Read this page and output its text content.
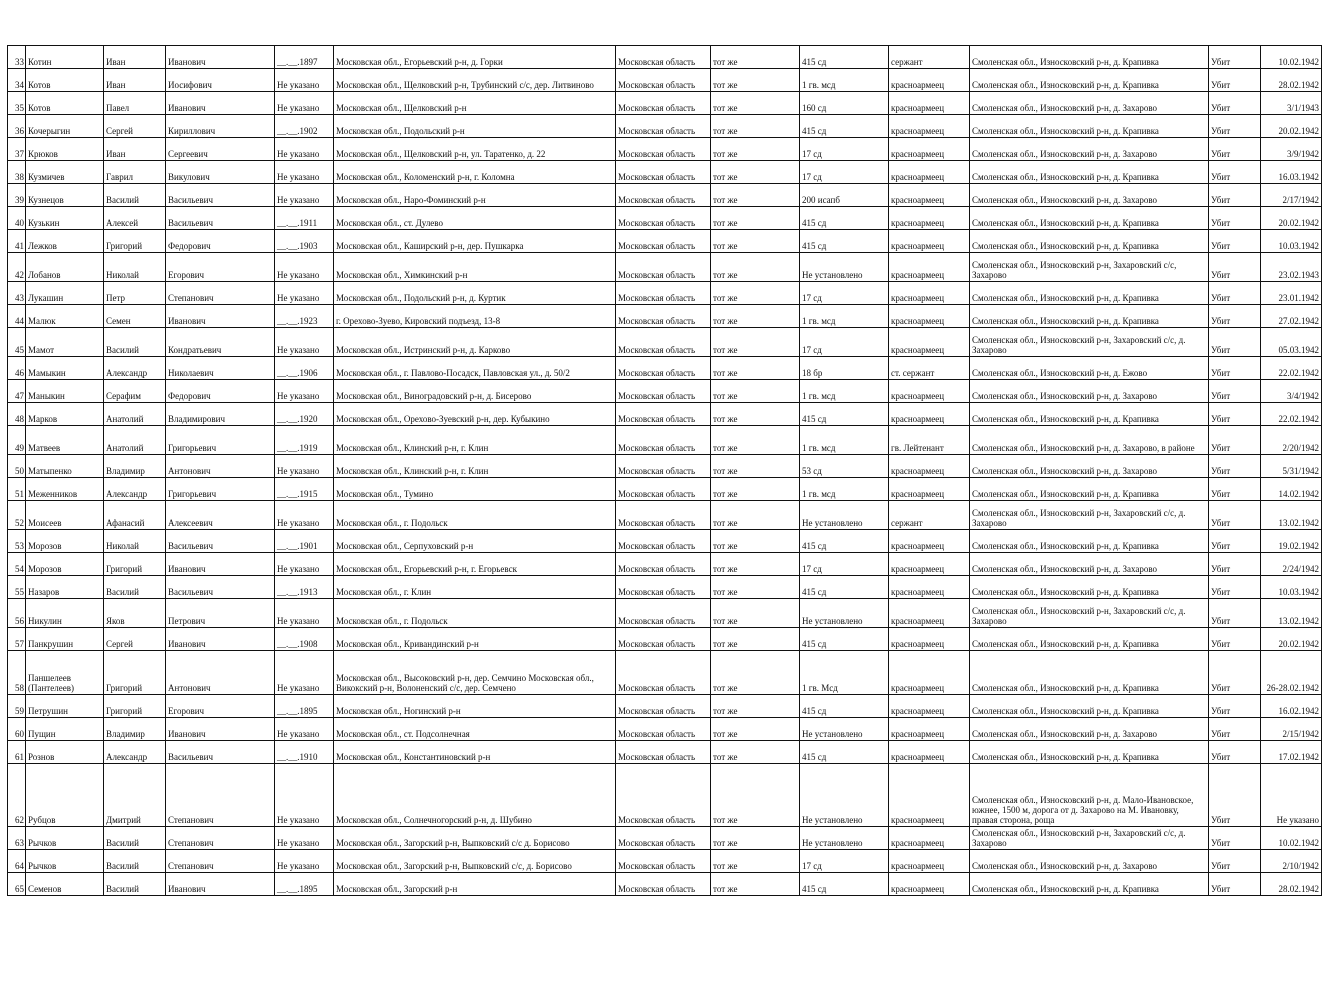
33	Котин	Иван	Иванович	__.__.1897	Московская обл., Егорьевский р-н, д. Горки	Московская область	тот же	415 сд	сержант	Смоленская обл., Износковский р-н, д. Крапивка	Убит	10.02.1942
34	Котов	Иван	Иосифович	Не указано	Московская обл., Щелковский р-н, Трубинский с/с, дер. Литвиново	Московская область	тот же	1 гв. мсд	красноармеец	Смоленская обл., Износковский р-н, д. Крапивка	Убит	28.02.1942
35	Котов	Павел	Иванович	Не указано	Московская обл., Щелковский р-н	Московская область	тот же	160 сд	красноармеец	Смоленская обл., Износковский р-н, д. Захарово	Убит	3/1/1943
36	Кочерыгин	Сергей	Кириллович	__.__.1902	Московская обл., Подольский р-н	Московская область	тот же	415 сд	красноармеец	Смоленская обл., Износковский р-н, д. Крапивка	Убит	20.02.1942
37	Крюков	Иван	Сергеевич	Не указано	Московская обл., Щелковский р-н, ул. Таратенко, д. 22	Московская область	тот же	17 сд	красноармеец	Смоленская обл., Износковский р-н, д. Захарово	Убит	3/9/1942
38	Кузмичев	Гаврил	Викулович	Не указано	Московская обл., Коломенский р-н, г. Коломна	Московская область	тот же	17 сд	красноармеец	Смоленская обл., Износковский р-н, д. Крапивка	Убит	16.03.1942
39	Кузнецов	Василий	Васильевич	Не указано	Московская обл., Наро-Фоминский р-н	Московская область	тот же	200 исапб	красноармеец	Смоленская обл., Износковский р-н, д. Захарово	Убит	2/17/1942
40	Кузькин	Алексей	Васильевич	__.__.1911	Московская обл., ст. Дулево	Московская область	тот же	415 сд	красноармеец	Смоленская обл., Износковский р-н, д. Крапивка	Убит	20.02.1942
41	Лежков	Григорий	Федорович	__.__.1903	Московская обл., Каширский р-н, дер. Пушкарка	Московская область	тот же	415 сд	красноармеец	Смоленская обл., Износковский р-н, д. Крапивка	Убит	10.03.1942
42	Лобанов	Николай	Егорович	Не указано	Московская обл., Химкинский р-н	Московская область	тот же	Не установлено	красноармеец	Смоленская обл., Износковский р-н, Захаровский с/с, Захарово	Убит	23.02.1943
43	Лукашин	Петр	Степанович	Не указано	Московская обл., Подольский р-н, д. Куртик	Московская область	тот же	17 сд	красноармеец	Смоленская обл., Износковский р-н, д. Крапивка	Убит	23.01.1942
44	Малюк	Семен	Иванович	__.__.1923	г. Орехово-Зуево, Кировский подъезд, 13-8	Московская область	тот же	1 гв. мсд	красноармеец	Смоленская обл., Износковский р-н, д. Крапивка	Убит	27.02.1942
45	Мамот	Василий	Кондратьевич	Не указано	Московская обл., Истринский р-н, д. Карково	Московская область	тот же	17 сд	красноармеец	Смоленская обл., Износковский р-н, Захаровский с/с, д. Захарово	Убит	05.03.1942
46	Мамыкин	Александр	Николаевич	__.__.1906	Московская обл., г. Павлово-Посадск, Павловская ул., д. 50/2	Московская область	тот же	18 бр	ст. сержант	Смоленская обл., Износковский р-н, д. Ежово	Убит	22.02.1942
47	Маныкин	Серафим	Федорович	Не указано	Московская обл., Виноградовский р-н, д. Бисерово	Московская область	тот же	1 гв. мсд	красноармеец	Смоленская обл., Износковский р-н, д. Захарово	Убит	3/4/1942
48	Марков	Анатолий	Владимирович	__.__.1920	Московская обл., Орехово-Зуевский р-н, дер. Кубыкино	Московская область	тот же	415 сд	красноармеец	Смоленская обл., Износковский р-н, д. Крапивка	Убит	22.02.1942
49	Матвеев	Анатолий	Григорьевич	__.__.1919	Московская обл., Клинский р-н, г. Клин	Московская область	тот же	1 гв. мсд	гв. Лейтенант	Смоленская обл., Износковский р-н, д. Захарово, в районе	Убит	2/20/1942
50	Матыпенко	Владимир	Антонович	Не указано	Московская обл., Клинский р-н, г. Клин	Московская область	тот же	53 сд	красноармеец	Смоленская обл., Износковский р-н, д. Захарово	Убит	5/31/1942
51	Меженников	Александр	Григорьевич	__.__.1915	Московская обл., Тумино	Московская область	тот же	1 гв. мсд	красноармеец	Смоленская обл., Износковский р-н, д. Крапивка	Убит	14.02.1942
52	Моисеев	Афанасий	Алексеевич	Не указано	Московская обл., г. Подольск	Московская область	тот же	Не установлено	сержант	Смоленская обл., Износковский р-н, Захаровский с/с, д. Захарово	Убит	13.02.1942
53	Морозов	Николай	Васильевич	__.__.1901	Московская обл., Серпуховский р-н	Московская область	тот же	415 сд	красноармеец	Смоленская обл., Износковский р-н, д. Крапивка	Убит	19.02.1942
54	Морозов	Григорий	Иванович	Не указано	Московская обл., Егорьевский р-н, г. Егорьевск	Московская область	тот же	17 сд	красноармеец	Смоленская обл., Износковский р-н, д. Захарово	Убит	2/24/1942
55	Назаров	Василий	Васильевич	__.__.1913	Московская обл., г. Клин	Московская область	тот же	415 сд	красноармеец	Смоленская обл., Износковский р-н, д. Крапивка	Убит	10.03.1942
56	Никулин	Яков	Петрович	Не указано	Московская обл., г. Подольск	Московская область	тот же	Не установлено	красноармеец	Смоленская обл., Износковский р-н, Захаровский с/с, д. Захарово	Убит	13.02.1942
57	Панкрушин	Сергей	Иванович	__.__.1908	Московская обл., Кривандинский р-н	Московская область	тот же	415 сд	красноармеец	Смоленская обл., Износковский р-н, д. Крапивка	Убит	20.02.1942
58	Паншелеев (Пантелеев)	Григорий	Антонович	Не указано	Московская обл., Высоковский р-н, дер. Семчино Московская обл., Викокский р-н, Волоненский с/с, дер. Семчено	Московская область	тот же	1 гв. Мсд	красноармеец	Смоленская обл., Износковский р-н, д. Крапивка	Убит	26-28.02.1942
59	Петрушин	Григорий	Егорович	__.__.1895	Московская обл., Ногинский р-н	Московская область	тот же	415 сд	красноармеец	Смоленская обл., Износковский р-н, д. Крапивка	Убит	16.02.1942
60	Пущин	Владимир	Иванович	Не указано	Московская обл., ст. Подсолнечная	Московская область	тот же	Не установлено	красноармеец	Смоленская обл., Износковский р-н, д. Захарово	Убит	2/15/1942
61	Рознов	Александр	Васильевич	__.__.1910	Московская обл., Константиновский р-н	Московская область	тот же	415 сд	красноармеец	Смоленская обл., Износковский р-н, д. Крапивка	Убит	17.02.1942
62	Рубцов	Дмитрий	Степанович	Не указано	Московская обл., Солнечногорский р-н, д. Шубино	Московская область	тот же	Не установлено	красноармеец	Смоленская обл., Износковский р-н, д. Мало-Ивановское, южнее, 1500 м, дорога от д. Захарово на М. Ивановку, правая сторона, роща	Убит	Не указано
63	Рычков	Василий	Степанович	Не указано	Московская обл., Загорский р-н, Выпковский с/с д. Борисово	Московская область	тот же	Не установлено	красноармеец	Смоленская обл., Износковский р-н, Захаровский с/с, д. Захарово	Убит	10.02.1942
64	Рычков	Василий	Степанович	Не указано	Московская обл., Загорский р-н, Выпковский с/с, д. Борисово	Московская область	тот же	17 сд	красноармеец	Смоленская обл., Износковский р-н, д. Захарово	Убит	2/10/1942
65	Семенов	Василий	Иванович	__.__.1895	Московская обл., Загорский р-н	Московская область	тот же	415 сд	красноармеец	Смоленская обл., Износковский р-н, д. Крапивка	Убит	28.02.1942
